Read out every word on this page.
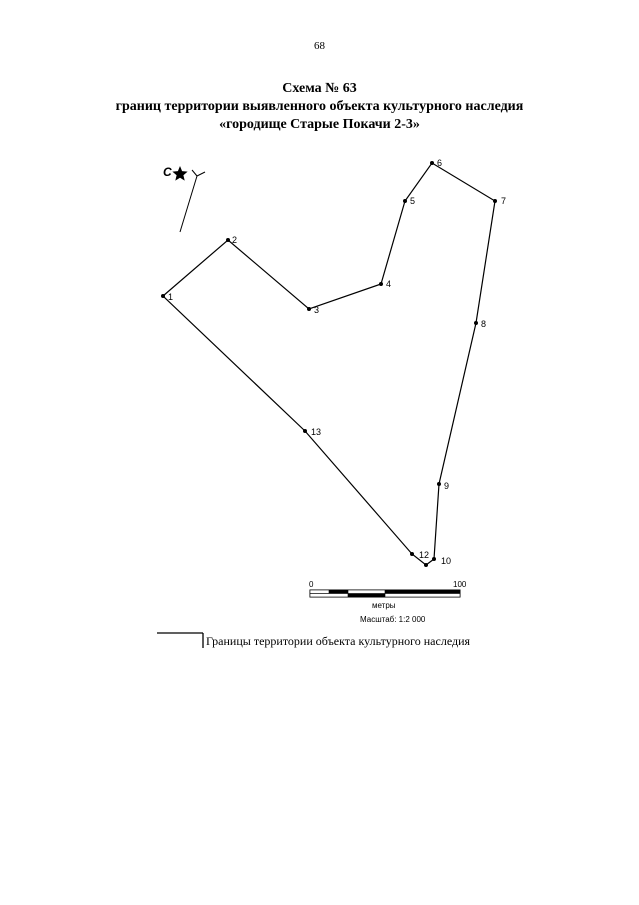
68
Схема № 63
границ территории выявленного объекта культурного наследия
«городище Старые Покачи 2-3»
С
1
2
3
4
5
6
7
8
9
10
12
13
0	100
метры
Масштаб: 1:2 000
Границы территории объекта культурного наследия
